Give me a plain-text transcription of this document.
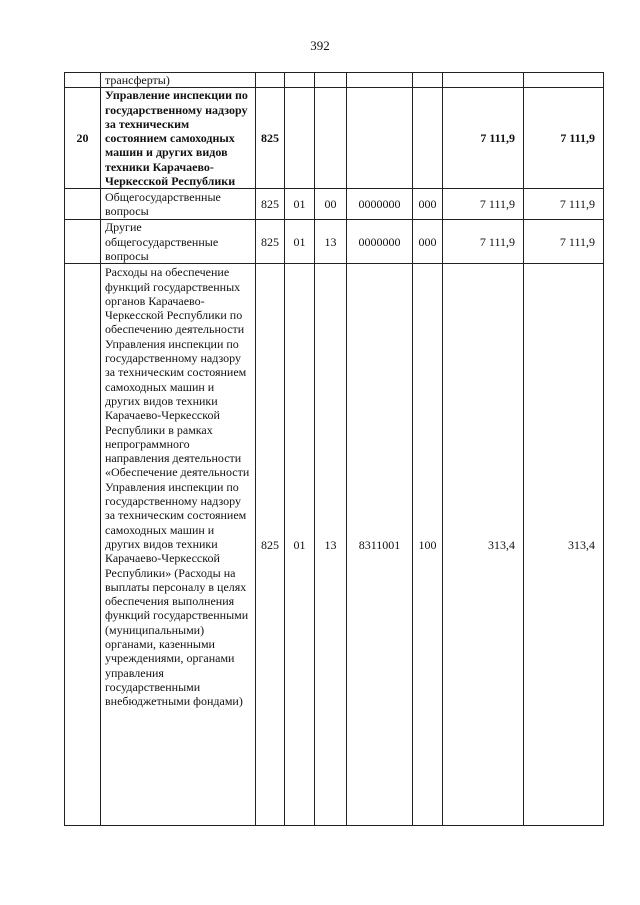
392
	трансферты)							
20	Управление инспекции по государственному надзору за техническим состоянием самоходных машин и других видов техники Карачаево-Черкесской Республики	825					7 111,9	7 111,9
	Общегосударственные вопросы	825	01	00	0000000	000	7 111,9	7 111,9
	Другие общегосударственные вопросы	825	01	13	0000000	000	7 111,9	7 111,9
	Расходы на обеспечение функций государственных органов Карачаево-Черкесской Республики по обеспечению деятельности Управления инспекции по государственному надзору за техническим состоянием самоходных машин и других видов техники Карачаево-Черкесской Республики в рамках непрограммного направления деятельности «Обеспечение деятельности Управления инспекции по государственному надзору за техническим состоянием самоходных машин и других видов техники Карачаево-Черкесской Республики» (Расходы на выплаты персоналу в целях обеспечения выполнения функций государственными (муниципальными) органами, казенными учреждениями, органами управления государственными внебюджетными фондами)	825	01	13	8311001	100	313,4	313,4
